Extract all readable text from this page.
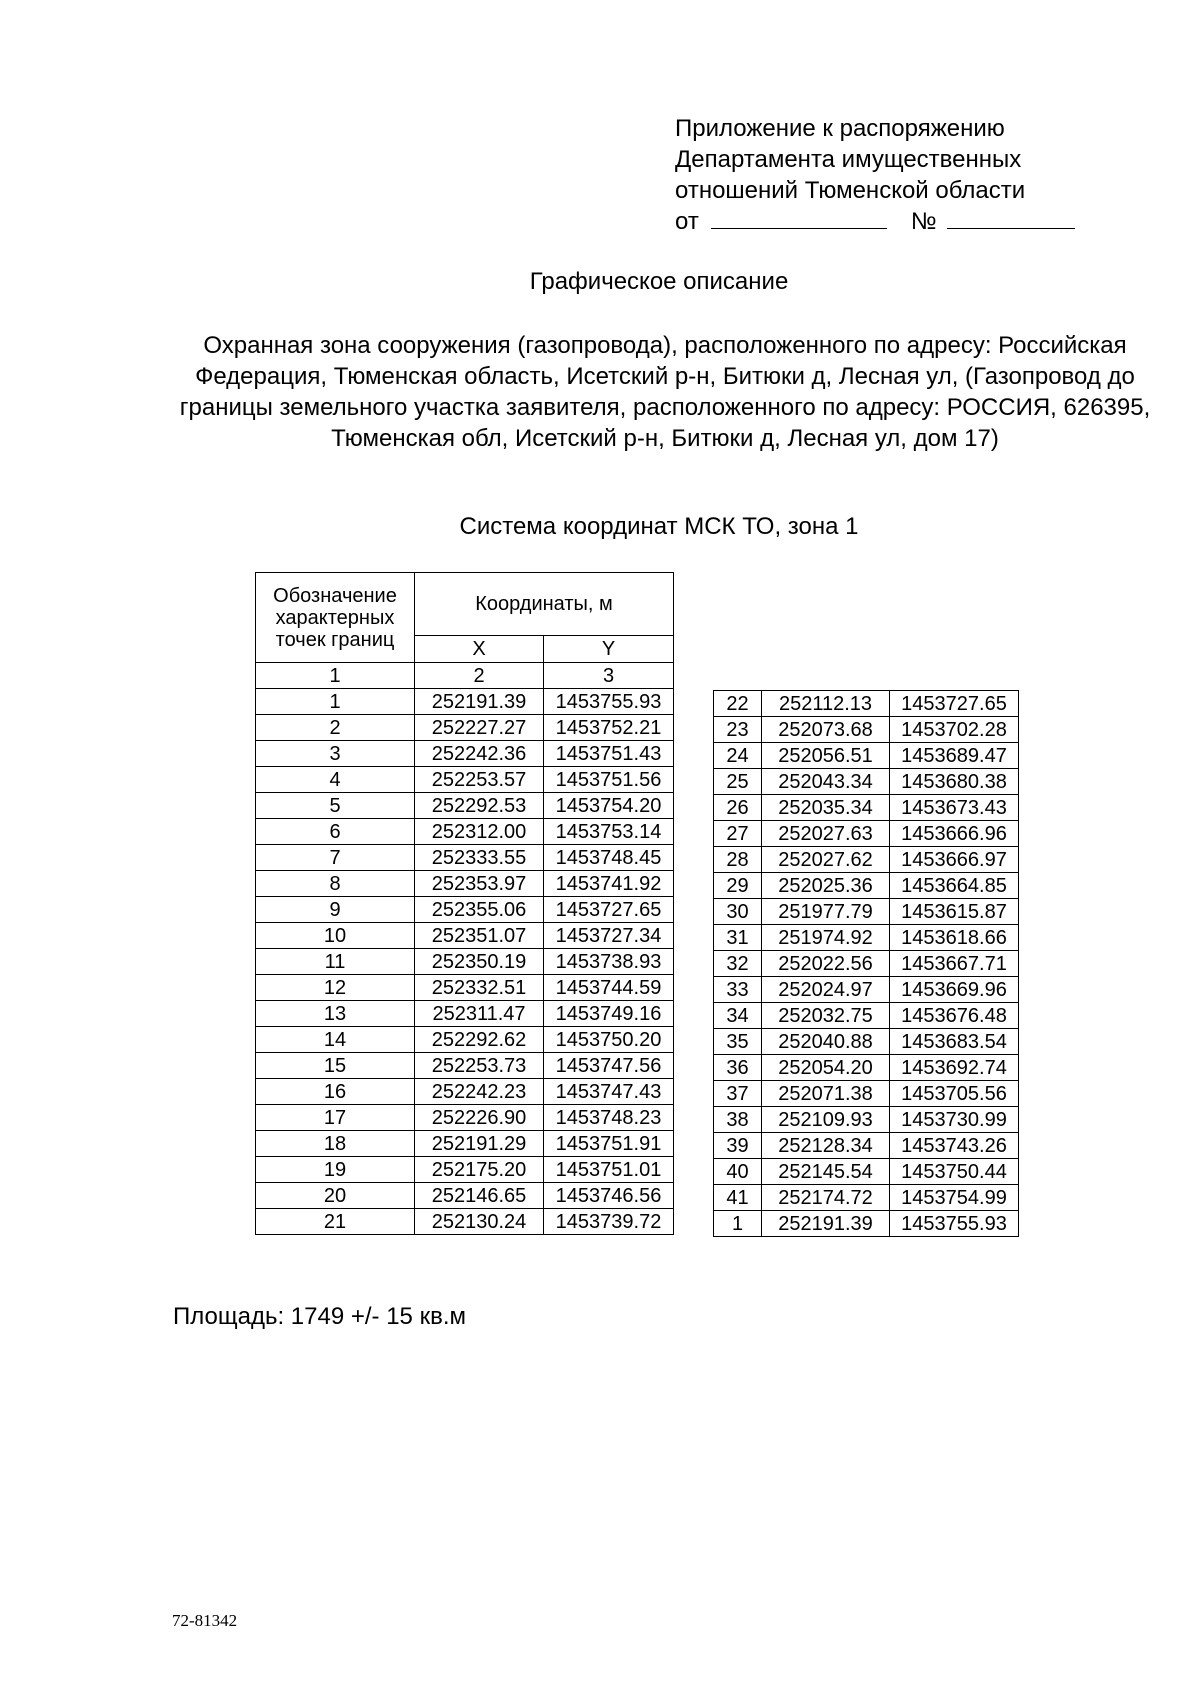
Приложение к распоряжению
Департамента имущественных
отношений Тюменской области
от	№
Графическое описание
Охранная зона сооружения (газопровода), расположенного по адресу: Российская Федерация, Тюменская область, Исетский р-н, Битюки д, Лесная ул, (Газопровод до границы земельного участка заявителя, расположенного по адресу: РОССИЯ, 626395, Тюменская обл, Исетский р-н, Битюки д, Лесная ул, дом 17)
Система координат МСК ТО, зона 1
Обозначение характерных точек границ	Координаты, м	
	X	Y
1	2	3
1	252191.39	1453755.93
2	252227.27	1453752.21
3	252242.36	1453751.43
4	252253.57	1453751.56
5	252292.53	1453754.20
6	252312.00	1453753.14
7	252333.55	1453748.45
8	252353.97	1453741.92
9	252355.06	1453727.65
10	252351.07	1453727.34
11	252350.19	1453738.93
12	252332.51	1453744.59
13	252311.47	1453749.16
14	252292.62	1453750.20
15	252253.73	1453747.56
16	252242.23	1453747.43
17	252226.90	1453748.23
18	252191.29	1453751.91
19	252175.20	1453751.01
20	252146.65	1453746.56
21	252130.24	1453739.72
22	252112.13	1453727.65
23	252073.68	1453702.28
24	252056.51	1453689.47
25	252043.34	1453680.38
26	252035.34	1453673.43
27	252027.63	1453666.96
28	252027.62	1453666.97
29	252025.36	1453664.85
30	251977.79	1453615.87
31	251974.92	1453618.66
32	252022.56	1453667.71
33	252024.97	1453669.96
34	252032.75	1453676.48
35	252040.88	1453683.54
36	252054.20	1453692.74
37	252071.38	1453705.56
38	252109.93	1453730.99
39	252128.34	1453743.26
40	252145.54	1453750.44
41	252174.72	1453754.99
1	252191.39	1453755.93
Площадь: 1749 +/- 15 кв.м
72-81342
